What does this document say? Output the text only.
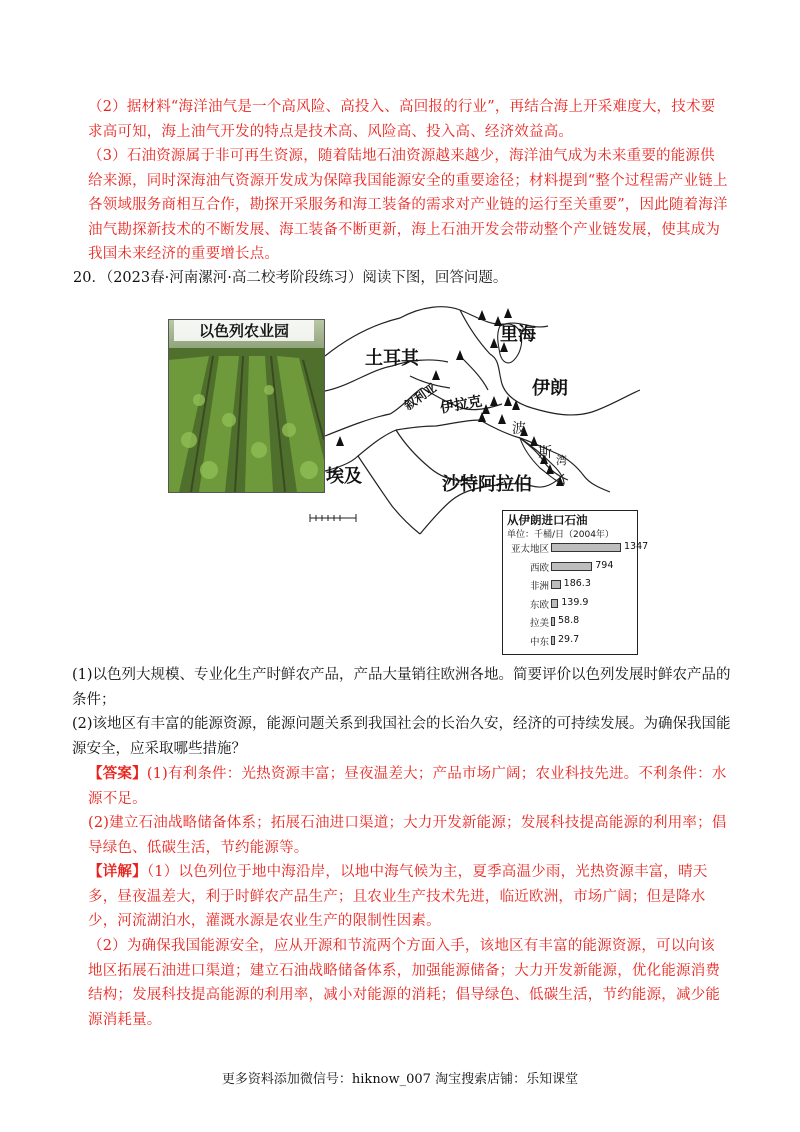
（2）据材料“海洋油气是一个高风险、高投入、高回报的行业”，再结合海上开采难度大，技术要求高可知，海上油气开发的特点是技术高、风险高、投入高、经济效益高。

（3）石油资源属于非可再生资源，随着陆地石油资源越来越少，海洋油气成为未来重要的能源供给来源，同时深海油气资源开发成为保障我国能源安全的重要途径；材料提到“整个过程需产业链上各领域服务商相互合作，勘探开采服务和海工装备的需求对产业链的运行至关重要”，因此随着海洋油气勘探新技术的不断发展、海工装备不断更新，海上石油开发会带动整个产业链发展，使其成为我国未来经济的重要增长点。

20．（2023春·河南漯河·高二校考阶段练习）阅读下图，回答问题。
以色列农业园	里海
土耳其
伊朗
叙利亚 伊拉克
波
斯 湾
埃及	沙特阿拉伯
从伊朗进口石油
单位：千桶/日（2004年）
亚太地区	1347
西欧	794
非洲 186.3
东欧 139.9
拉美 58.8
中东 29.7

(1)以色列大规模、专业化生产时鲜农产品，产品大量销往欧洲各地。简要评价以色列发展时鲜农产品的条件；

(2)该地区有丰富的能源资源，能源问题关系到我国社会的长治久安，经济的可持续发展。为确保我国能源安全，应采取哪些措施？

【答案】(1)有利条件：光热资源丰富；昼夜温差大；产品市场广阔；农业科技先进。不利条件：水源不足。

(2)建立石油战略储备体系；拓展石油进口渠道；大力开发新能源；发展科技提高能源的利用率；倡导绿色、低碳生活，节约能源等。

【详解】（1）以色列位于地中海沿岸，以地中海气候为主，夏季高温少雨，光热资源丰富，晴天多，昼夜温差大，利于时鲜农产品生产；且农业生产技术先进，临近欧洲，市场广阔；但是降水少，河流湖泊水，灌溉水源是农业生产的限制性因素。

（2）为确保我国能源安全，应从开源和节流两个方面入手，该地区有丰富的能源资源，可以向该地区拓展石油进口渠道；建立石油战略储备体系，加强能源储备；大力开发新能源，优化能源消费结构；发展科技提高能源的利用率，减小对能源的消耗；倡导绿色、低碳生活，节约能源，减少能源消耗量。

更多资料添加微信号：hiknow_007 淘宝搜索店铺：乐知课堂
